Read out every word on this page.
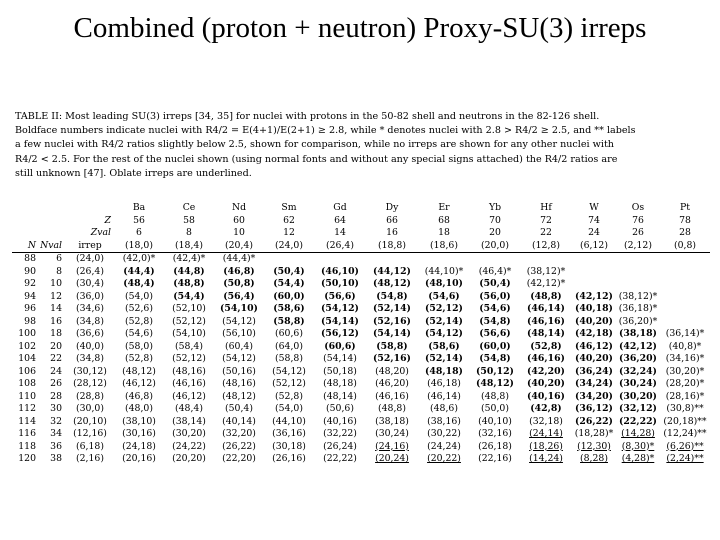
Combined (proton + neutron) Proxy-SU(3) irreps
TABLE II: Most leading SU(3) irreps [34, 35] for nuclei with protons in the 50-82 shell and neutrons in the 82-126 shell.
Boldface numbers indicate nuclei with R4/2 = E(4+1)/E(2+1) ≥ 2.8, while * denotes nuclei with 2.8 > R4/2 ≥ 2.5, and ** labels
a few nuclei with R4/2 ratios slightly below 2.5, shown for comparison, while no irreps are shown for any other nuclei with
R4/2 < 2.5. For the rest of the nuclei shown (using normal fonts and without any special signs attached) the R4/2 ratios are
still unknown [47]. Oblate irreps are underlined.
			Ba	Ce	Nd	Sm	Gd	Dy	Er	Yb	Hf	W	Os	Pt
		Z	56	58	60	62	64	66	68	70	72	74	76	78
		Zval	6	8	10	12	14	16	18	20	22	24	26	28
N	Nval	irrep	(18,0)	(18,4)	(20,4)	(24,0)	(26,4)	(18,8)	(18,6)	(20,0)	(12,8)	(6,12)	(2,12)	(0,8)
88	6	(24,0)	(42,0)*	(42,4)*	(44,4)*									
90	8	(26,4)	(44,4)	(44,8)	(46,8)	(50,4)	(46,10)	(44,12)	(44,10)*	(46,4)*	(38,12)*			
92	10	(30,4)	(48,4)	(48,8)	(50,8)	(54,4)	(50,10)	(48,12)	(48,10)	(50,4)	(42,12)*			
94	12	(36,0)	(54,0)	(54,4)	(56,4)	(60,0)	(56,6)	(54,8)	(54,6)	(56,0)	(48,8)	(42,12)	(38,12)*	
96	14	(34,6)	(52,6)	(52,10)	(54,10)	(58,6)	(54,12)	(52,14)	(52,12)	(54,6)	(46,14)	(40,18)	(36,18)*	
98	16	(34,8)	(52,8)	(52,12)	(54,12)	(58,8)	(54,14)	(52,16)	(52,14)	(54,8)	(46,16)	(40,20)	(36,20)*	
100	18	(36,6)	(54,6)	(54,10)	(56,10)	(60,6)	(56,12)	(54,14)	(54,12)	(56,6)	(48,14)	(42,18)	(38,18)	(36,14)*
102	20	(40,0)	(58,0)	(58,4)	(60,4)	(64,0)	(60,6)	(58,8)	(58,6)	(60,0)	(52,8)	(46,12)	(42,12)	(40,8)*
104	22	(34,8)	(52,8)	(52,12)	(54,12)	(58,8)	(54,14)	(52,16)	(52,14)	(54,8)	(46,16)	(40,20)	(36,20)	(34,16)*
106	24	(30,12)	(48,12)	(48,16)	(50,16)	(54,12)	(50,18)	(48,20)	(48,18)	(50,12)	(42,20)	(36,24)	(32,24)	(30,20)*
108	26	(28,12)	(46,12)	(46,16)	(48,16)	(52,12)	(48,18)	(46,20)	(46,18)	(48,12)	(40,20)	(34,24)	(30,24)	(28,20)*
110	28	(28,8)	(46,8)	(46,12)	(48,12)	(52,8)	(48,14)	(46,16)	(46,14)	(48,8)	(40,16)	(34,20)	(30,20)	(28,16)*
112	30	(30,0)	(48,0)	(48,4)	(50,4)	(54,0)	(50,6)	(48,8)	(48,6)	(50,0)	(42,8)	(36,12)	(32,12)	(30,8)**
114	32	(20,10)	(38,10)	(38,14)	(40,14)	(44,10)	(40,16)	(38,18)	(38,16)	(40,10)	(32,18)	(26,22)	(22,22)	(20,18)**
116	34	(12,16)	(30,16)	(30,20)	(32,20)	(36,16)	(32,22)	(30,24)	(30,22)	(32,16)	(24,14)	(18,28)*	(14,28)	(12,24)**
118	36	(6,18)	(24,18)	(24,22)	(26,22)	(30,18)	(26,24)	(24,16)	(24,24)	(26,18)	(18,26)	(12,30)	(8,30)*	(6,26)**
120	38	(2,16)	(20,16)	(20,20)	(22,20)	(26,16)	(22,22)	(20,24)	(20,22)	(22,16)	(14,24)	(8,28)	(4,28)*	(2,24)**
